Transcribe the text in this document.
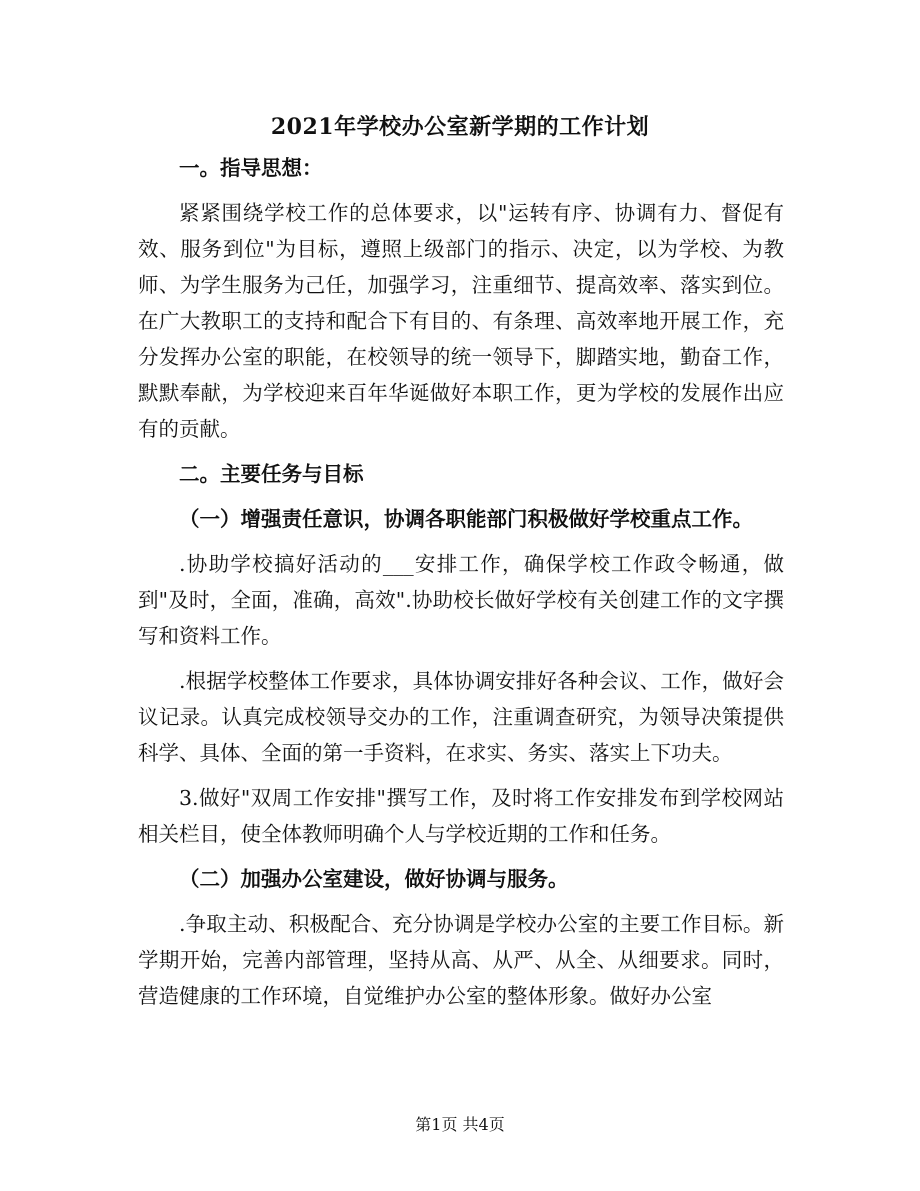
2021年学校办公室新学期的工作计划

一。指导思想：

紧紧围绕学校工作的总体要求，以"运转有序、协调有力、督促有效、服务到位"为目标，遵照上级部门的指示、决定，以为学校、为教师、为学生服务为己任，加强学习，注重细节、提高效率、落实到位。在广大教职工的支持和配合下有目的、有条理、高效率地开展工作，充分发挥办公室的职能，在校领导的统一领导下，脚踏实地，勤奋工作，默默奉献，为学校迎来百年华诞做好本职工作，更为学校的发展作出应有的贡献。

二。主要任务与目标

（一）增强责任意识，协调各职能部门积极做好学校重点工作。

.协助学校搞好活动的___安排工作，确保学校工作政令畅通，做到"及时，全面，准确，高效".协助校长做好学校有关创建工作的文字撰写和资料工作。

.根据学校整体工作要求，具体协调安排好各种会议、工作，做好会议记录。认真完成校领导交办的工作，注重调查研究，为领导决策提供科学、具体、全面的第一手资料，在求实、务实、落实上下功夫。

3.做好"双周工作安排"撰写工作，及时将工作安排发布到学校网站相关栏目，使全体教师明确个人与学校近期的工作和任务。

（二）加强办公室建设，做好协调与服务。

.争取主动、积极配合、充分协调是学校办公室的主要工作目标。新学期开始，完善内部管理，坚持从高、从严、从全、从细要求。同时，营造健康的工作环境，自觉维护办公室的整体形象。做好办公室

第1页 共4页
